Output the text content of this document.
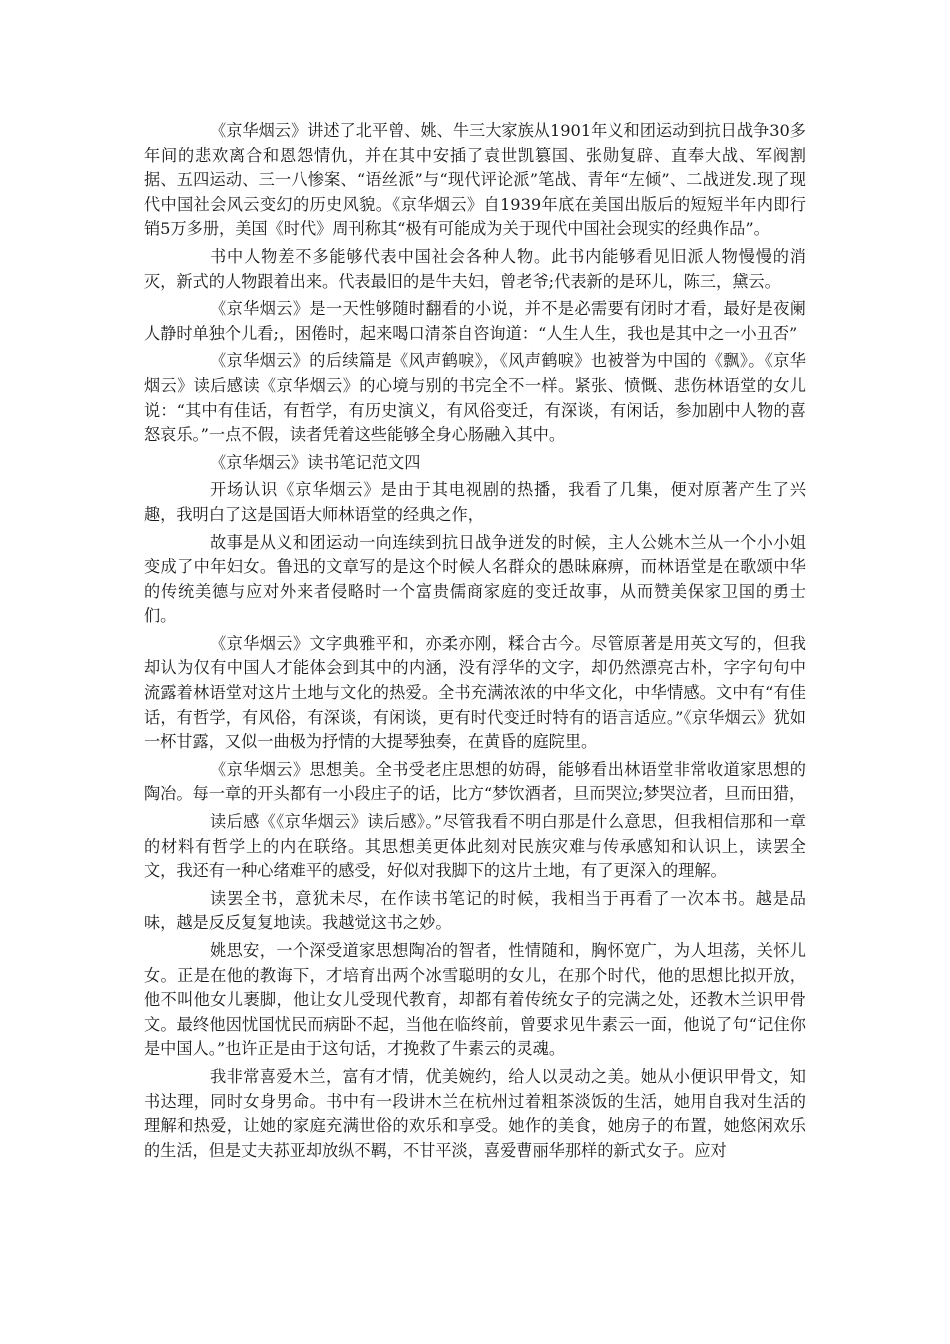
《京华烟云》讲述了北平曾、姚、牛三大家族从1901年义和团运动到抗日战争30多年间的悲欢离合和恩怨情仇，并在其中安插了袁世凯篡国、张勋复辟、直奉大战、军阀割据、五四运动、三一八惨案、“语丝派”与“现代评论派”笔战、青年“左倾”、二战迸发.现了现代中国社会风云变幻的历史风貌。《京华烟云》自1939年底在美国出版后的短短半年内即行销5万多册，美国《时代》周刊称其“极有可能成为关于现代中国社会现实的经典作品”。

书中人物差不多能够代表中国社会各种人物。此书内能够看见旧派人物慢慢的消灭，新式的人物跟着出来。代表最旧的是牛夫妇，曾老爷;代表新的是环儿，陈三，黛云。

《京华烟云》是一天性够随时翻看的小说，并不是必需要有闭时才看，最好是夜阑人静时单独个儿看;，困倦时，起来喝口清茶自咨询道：“人生人生，我也是其中之一小丑否”

《京华烟云》的后续篇是《风声鹤唳》，《风声鹤唳》也被誉为中国的《飘》。《京华烟云》读后感读《京华烟云》的心境与别的书完全不一样。紧张、愤慨、悲伤林语堂的女儿说：“其中有佳话，有哲学，有历史演义，有风俗变迁，有深谈，有闲话，参加剧中人物的喜怒哀乐。”一点不假，读者凭着这些能够全身心肠融入其中。

《京华烟云》读书笔记范文四

开场认识《京华烟云》是由于其电视剧的热播，我看了几集，便对原著产生了兴趣，我明白了这是国语大师林语堂的经典之作，

故事是从义和团运动一向连续到抗日战争迸发的时候，主人公姚木兰从一个小小姐变成了中年妇女。鲁迅的文章写的是这个时候人名群众的愚昧麻痹，而林语堂是在歌颂中华的传统美德与应对外来者侵略时一个富贵儒商家庭的变迁故事，从而赞美保家卫国的勇士们。

《京华烟云》文字典雅平和，亦柔亦刚，糅合古今。尽管原著是用英文写的，但我却认为仅有中国人才能体会到其中的内涵，没有浮华的文字，却仍然漂亮古朴，字字句句中流露着林语堂对这片土地与文化的热爱。全书充满浓浓的中华文化，中华情感。文中有“有佳话，有哲学，有风俗，有深谈，有闲谈，更有时代变迁时特有的语言适应。”《京华烟云》犹如一杯甘露，又似一曲极为抒情的大提琴独奏，在黄昏的庭院里。

《京华烟云》思想美。全书受老庄思想的妨碍，能够看出林语堂非常收道家思想的陶冶。每一章的开头都有一小段庄子的话，比方“梦饮酒者，旦而哭泣;梦哭泣者，旦而田猎，

读后感《《京华烟云》读后感》。”尽管我看不明白那是什么意思，但我相信那和一章的材料有哲学上的内在联络。其思想美更体此刻对民族灾难与传承感知和认识上，读罢全文，我还有一种心绪难平的感受，好似对我脚下的这片土地，有了更深入的理解。

读罢全书，意犹未尽，在作读书笔记的时候，我相当于再看了一次本书。越是品味，越是反反复复地读。我越觉这书之妙。

姚思安，一个深受道家思想陶冶的智者，性情随和，胸怀宽广，为人坦荡，关怀儿女。正是在他的教诲下，才培育出两个冰雪聪明的女儿，在那个时代，他的思想比拟开放，他不叫他女儿裹脚，他让女儿受现代教育，却都有着传统女子的完满之处，还教木兰识甲骨文。最终他因忧国忧民而病卧不起，当他在临终前，曾要求见牛素云一面，他说了句“记住你是中国人。”也许正是由于这句话，才挽救了牛素云的灵魂。

我非常喜爱木兰，富有才情，优美婉约，给人以灵动之美。她从小便识甲骨文，知书达理，同时女身男命。书中有一段讲木兰在杭州过着粗茶淡饭的生活，她用自我对生活的理解和热爱，让她的家庭充满世俗的欢乐和享受。她作的美食，她房子的布置，她悠闲欢乐的生活，但是丈夫荪亚却放纵不羁，不甘平淡，喜爱曹丽华那样的新式女子。应对
